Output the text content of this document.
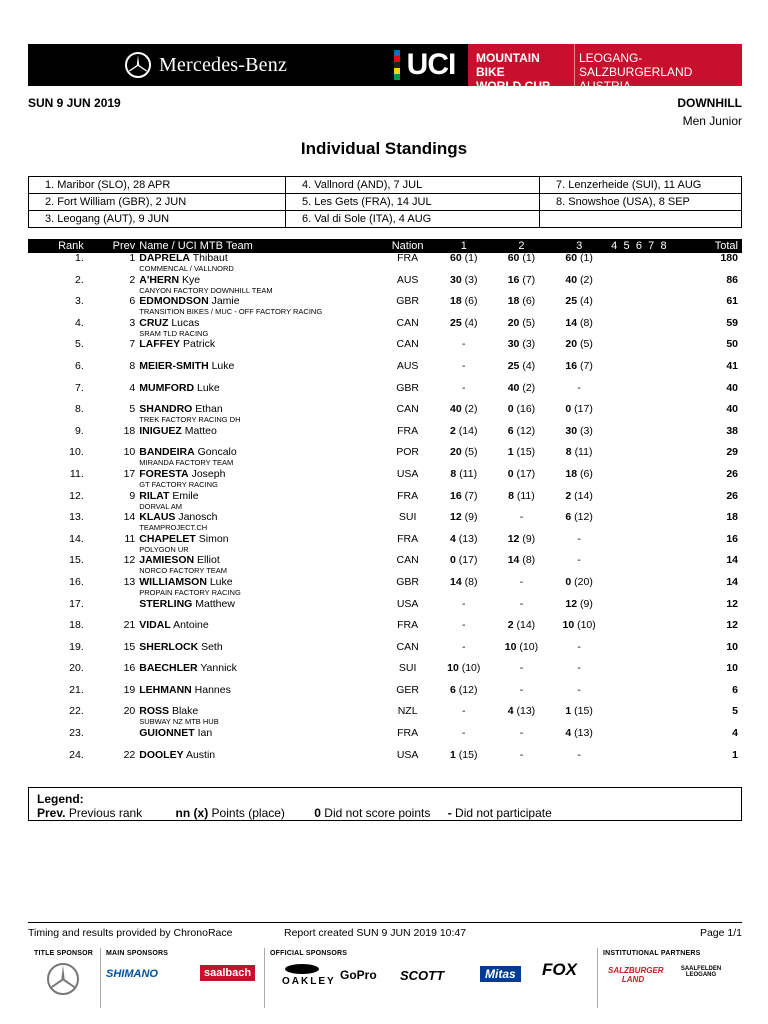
Mercedes-Benz	UCI MOUNTAIN BIKE
WORLD CUP
LEOGANG-SALZBURGERLAND
AUSTRIA
SUN 9 JUN 2019	DOWNHILL
Men Junior
Individual Standings
1. Maribor (SLO), 28 APR	4. Vallnord (AND), 7 JUL	7. Lenzerheide (SUI), 11 AUG
2. Fort William (GBR), 2 JUN	5. Les Gets (FRA), 14 JUL	8. Snowshoe (USA), 8 SEP
3. Leogang (AUT), 9 JUN	6. Val di Sole (ITA), 4 AUG	
Rank	Prev	Name / UCI MTB Team	Nation	1	2	3	4	5	6	7	8	Total
1.	1	DAPRELA Thibaut
COMMENCAL / VALLNORD	FRA	60 (1)	60 (1)	60 (1)						180
2.	2	A'HERN Kye
CANYON FACTORY DOWNHILL TEAM	AUS	30 (3)	16 (7)	40 (2)						86
3.	6	EDMONDSON Jamie
TRANSITION BIKES / MUC - OFF FACTORY RACING	GBR	18 (6)	18 (6)	25 (4)						61
4.	3	CRUZ Lucas
SRAM TLD RACING	CAN	25 (4)	20 (5)	14 (8)						59
5.	7	LAFFEY Patrick	CAN	-	30 (3)	20 (5)						50
6.	8	MEIER-SMITH Luke	AUS	-	25 (4)	16 (7)						41
7.	4	MUMFORD Luke	GBR	-	40 (2)	-						40
8.	5	SHANDRO Ethan
TREK FACTORY RACING DH	CAN	40 (2)	0 (16)	0 (17)						40
9.	18	INIGUEZ Matteo	FRA	2 (14)	6 (12)	30 (3)						38
10.	10	BANDEIRA Goncalo
MIRANDA FACTORY TEAM	POR	20 (5)	1 (15)	8 (11)						29
11.	17	FORESTA Joseph
GT FACTORY RACING	USA	8 (11)	0 (17)	18 (6)						26
12.	9	RILAT Emile
DORVAL AM	FRA	16 (7)	8 (11)	2 (14)						26
13.	14	KLAUS Janosch
TEAMPROJECT.CH	SUI	12 (9)	-	6 (12)						18
14.	11	CHAPELET Simon
POLYGON UR	FRA	4 (13)	12 (9)	-						16
15.	12	JAMIESON Elliot
NORCO FACTORY TEAM	CAN	0 (17)	14 (8)	-						14
16.	13	WILLIAMSON Luke
PROPAIN FACTORY RACING	GBR	14 (8)	-	0 (20)						14
17.		STERLING Matthew	USA	-	-	12 (9)						12
18.	21	VIDAL Antoine	FRA	-	2 (14)	10 (10)						12
19.	15	SHERLOCK Seth	CAN	-	10 (10)	-						10
20.	16	BAECHLER Yannick	SUI	10 (10)	-	-						10
21.	19	LEHMANN Hannes	GER	6 (12)	-	-						6
22.	20	ROSS Blake
SUBWAY NZ MTB HUB	NZL	-	4 (13)	1 (15)						5
23.		GUIONNET Ian	FRA	-	-	4 (13)						4
24.	22	DOOLEY Austin	USA	1 (15)	-	-						1
Legend:
Prev. Previous rank	nn (x) Points (place) 0 Did not score points - Did not participate
Timing and results provided by ChronoRace	Report created SUN 9 JUN 2019 10:47	Page 1/1
TITLE SPONSOR MAIN SPONSORS	OFFICIAL SPONSORS	INSTITUTIONAL PARTNERS
SHIMANO	saalbach
OAKLEY GoPro SCOTT	Mitas FOX	SALZBURGER LAND
SAALFELDEN LEOGANG
